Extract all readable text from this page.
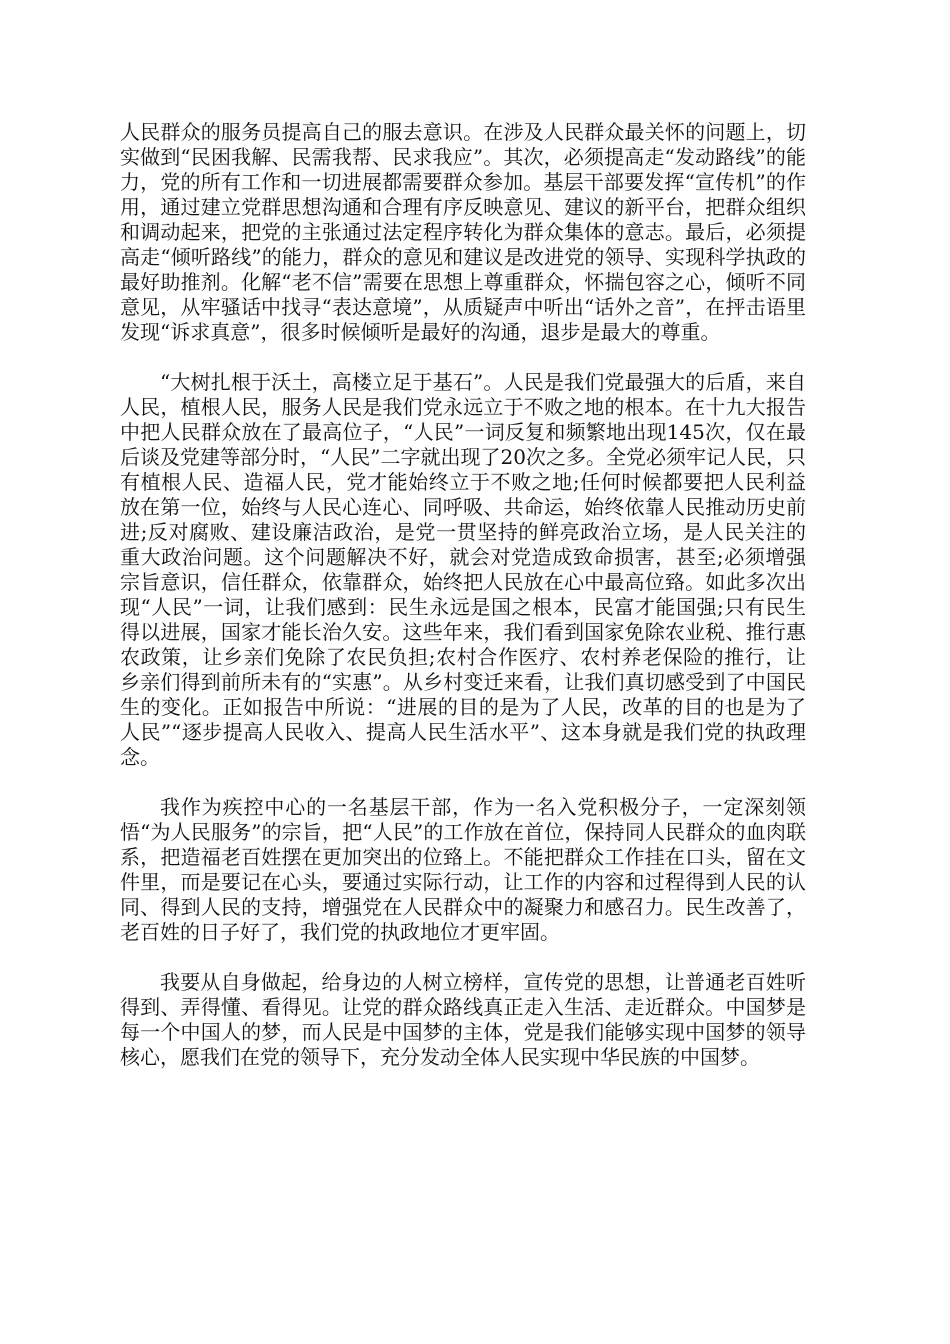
人民群众的服务员提高自己的服去意识。在涉及人民群众最关怀的问题上，切实做到“民困我解、民需我帮、民求我应”。其次，必须提高走“发动路线”的能力，党的所有工作和一切进展都需要群众参加。基层干部要发挥“宣传机”的作用，通过建立党群思想沟通和合理有序反映意见、建议的新平台，把群众组织和调动起来，把党的主张通过法定程序转化为群众集体的意志。最后，必须提高走“倾听路线”的能力，群众的意见和建议是改进党的领导、实现科学执政的最好助推剂。化解“老不信”需要在思想上尊重群众，怀揣包容之心，倾听不同意见，从牢骚话中找寻“表达意境”，从质疑声中听出“话外之音”，在抨击语里发现“诉求真意”，很多时候倾听是最好的沟通，退步是最大的尊重。

“大树扎根于沃土，高楼立足于基石”。人民是我们党最强大的后盾，来自人民，植根人民，服务人民是我们党永远立于不败之地的根本。在十九大报告中把人民群众放在了最高位子，“人民”一词反复和频繁地出现145次，仅在最后谈及党建等部分时，“人民”二字就出现了20次之多。全党必须牢记人民，只有植根人民、造福人民，党才能始终立于不败之地;任何时候都要把人民利益放在第一位，始终与人民心连心、同呼吸、共命运，始终依靠人民推动历史前进;反对腐败、建设廉洁政治，是党一贯坚持的鲜亮政治立场，是人民关注的重大政治问题。这个问题解决不好，就会对党造成致命损害，甚至;必须增强宗旨意识，信任群众，依靠群众，始终把人民放在心中最高位臵。如此多次出现“人民”一词，让我们感到：民生永远是国之根本，民富才能国强;只有民生得以进展，国家才能长治久安。这些年来，我们看到国家免除农业税、推行惠农政策，让乡亲们免除了农民负担;农村合作医疗、农村养老保险的推行，让乡亲们得到前所未有的“实惠”。从乡村变迁来看，让我们真切感受到了中国民生的变化。正如报告中所说：“进展的目的是为了人民，改革的目的也是为了人民”“逐步提高人民收入、提高人民生活水平”、这本身就是我们党的执政理念。

我作为疾控中心的一名基层干部，作为一名入党积极分子，一定深刻领悟“为人民服务”的宗旨，把“人民”的工作放在首位，保持同人民群众的血肉联系，把造福老百姓摆在更加突出的位臵上。不能把群众工作挂在口头，留在文件里，而是要记在心头，要通过实际行动，让工作的内容和过程得到人民的认同、得到人民的支持，增强党在人民群众中的凝聚力和感召力。民生改善了，老百姓的日子好了，我们党的执政地位才更牢固。

我要从自身做起，给身边的人树立榜样，宣传党的思想，让普通老百姓听得到、弄得懂、看得见。让党的群众路线真正走入生活、走近群众。中国梦是每一个中国人的梦，而人民是中国梦的主体，党是我们能够实现中国梦的领导核心，愿我们在党的领导下，充分发动全体人民实现中华民族的中国梦。
